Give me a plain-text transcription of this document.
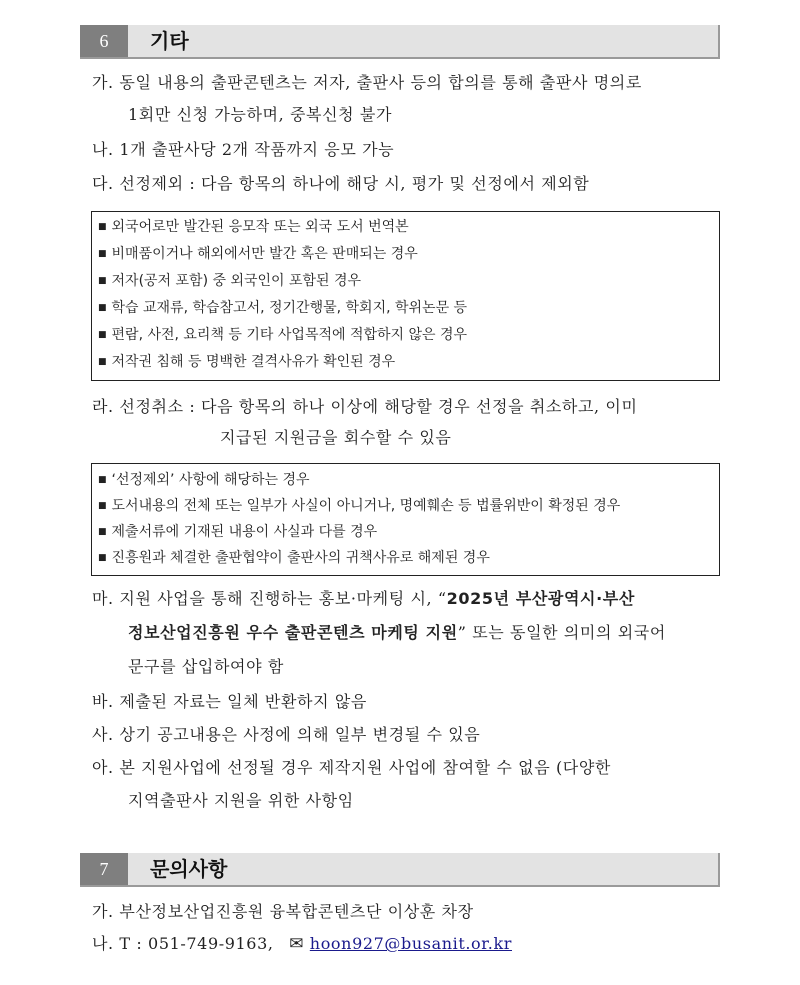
6	기타
가. 동일 내용의 출판콘텐츠는 저자, 출판사 등의 합의를 통해 출판사 명의로
1회만 신청 가능하며, 중복신청 불가
나. 1개 출판사당 2개 작품까지 응모 가능
다. 선정제외 : 다음 항목의 하나에 해당 시, 평가 및 선정에서 제외함
■ 외국어로만 발간된 응모작 또는 외국 도서 번역본
■ 비매품이거나 해외에서만 발간 혹은 판매되는 경우
■ 저자(공저 포함) 중 외국인이 포함된 경우
■ 학습 교재류, 학습참고서, 정기간행물, 학회지, 학위논문 등
■ 편람, 사전, 요리책 등 기타 사업목적에 적합하지 않은 경우
■ 저작권 침해 등 명백한 결격사유가 확인된 경우
라. 선정취소 : 다음 항목의 하나 이상에 해당할 경우 선정을 취소하고, 이미
지급된 지원금을 회수할 수 있음
■ ‘선정제외’ 사항에 해당하는 경우
■ 도서내용의 전체 또는 일부가 사실이 아니거나, 명예훼손 등 법률위반이 확정된 경우
■ 제출서류에 기재된 내용이 사실과 다를 경우
■ 진흥원과 체결한 출판협약이 출판사의 귀책사유로 해제된 경우
마. 지원 사업을 통해 진행하는 홍보·마케팅 시, “2025년 부산광역시·부산
정보산업진흥원 우수 출판콘텐츠 마케팅 지원” 또는 동일한 의미의 외국어
문구를 삽입하여야 함
바. 제출된 자료는 일체 반환하지 않음
사. 상기 공고내용은 사정에 의해 일부 변경될 수 있음
아. 본 지원사업에 선정될 경우 제작지원 사업에 참여할 수 없음 (다양한
지역출판사 지원을 위한 사항임
7	문의사항
가. 부산정보산업진흥원 융복합콘텐츠단 이상훈 차장
나. T : 051-749-9163, ✉ hoon927@busanit.or.kr
